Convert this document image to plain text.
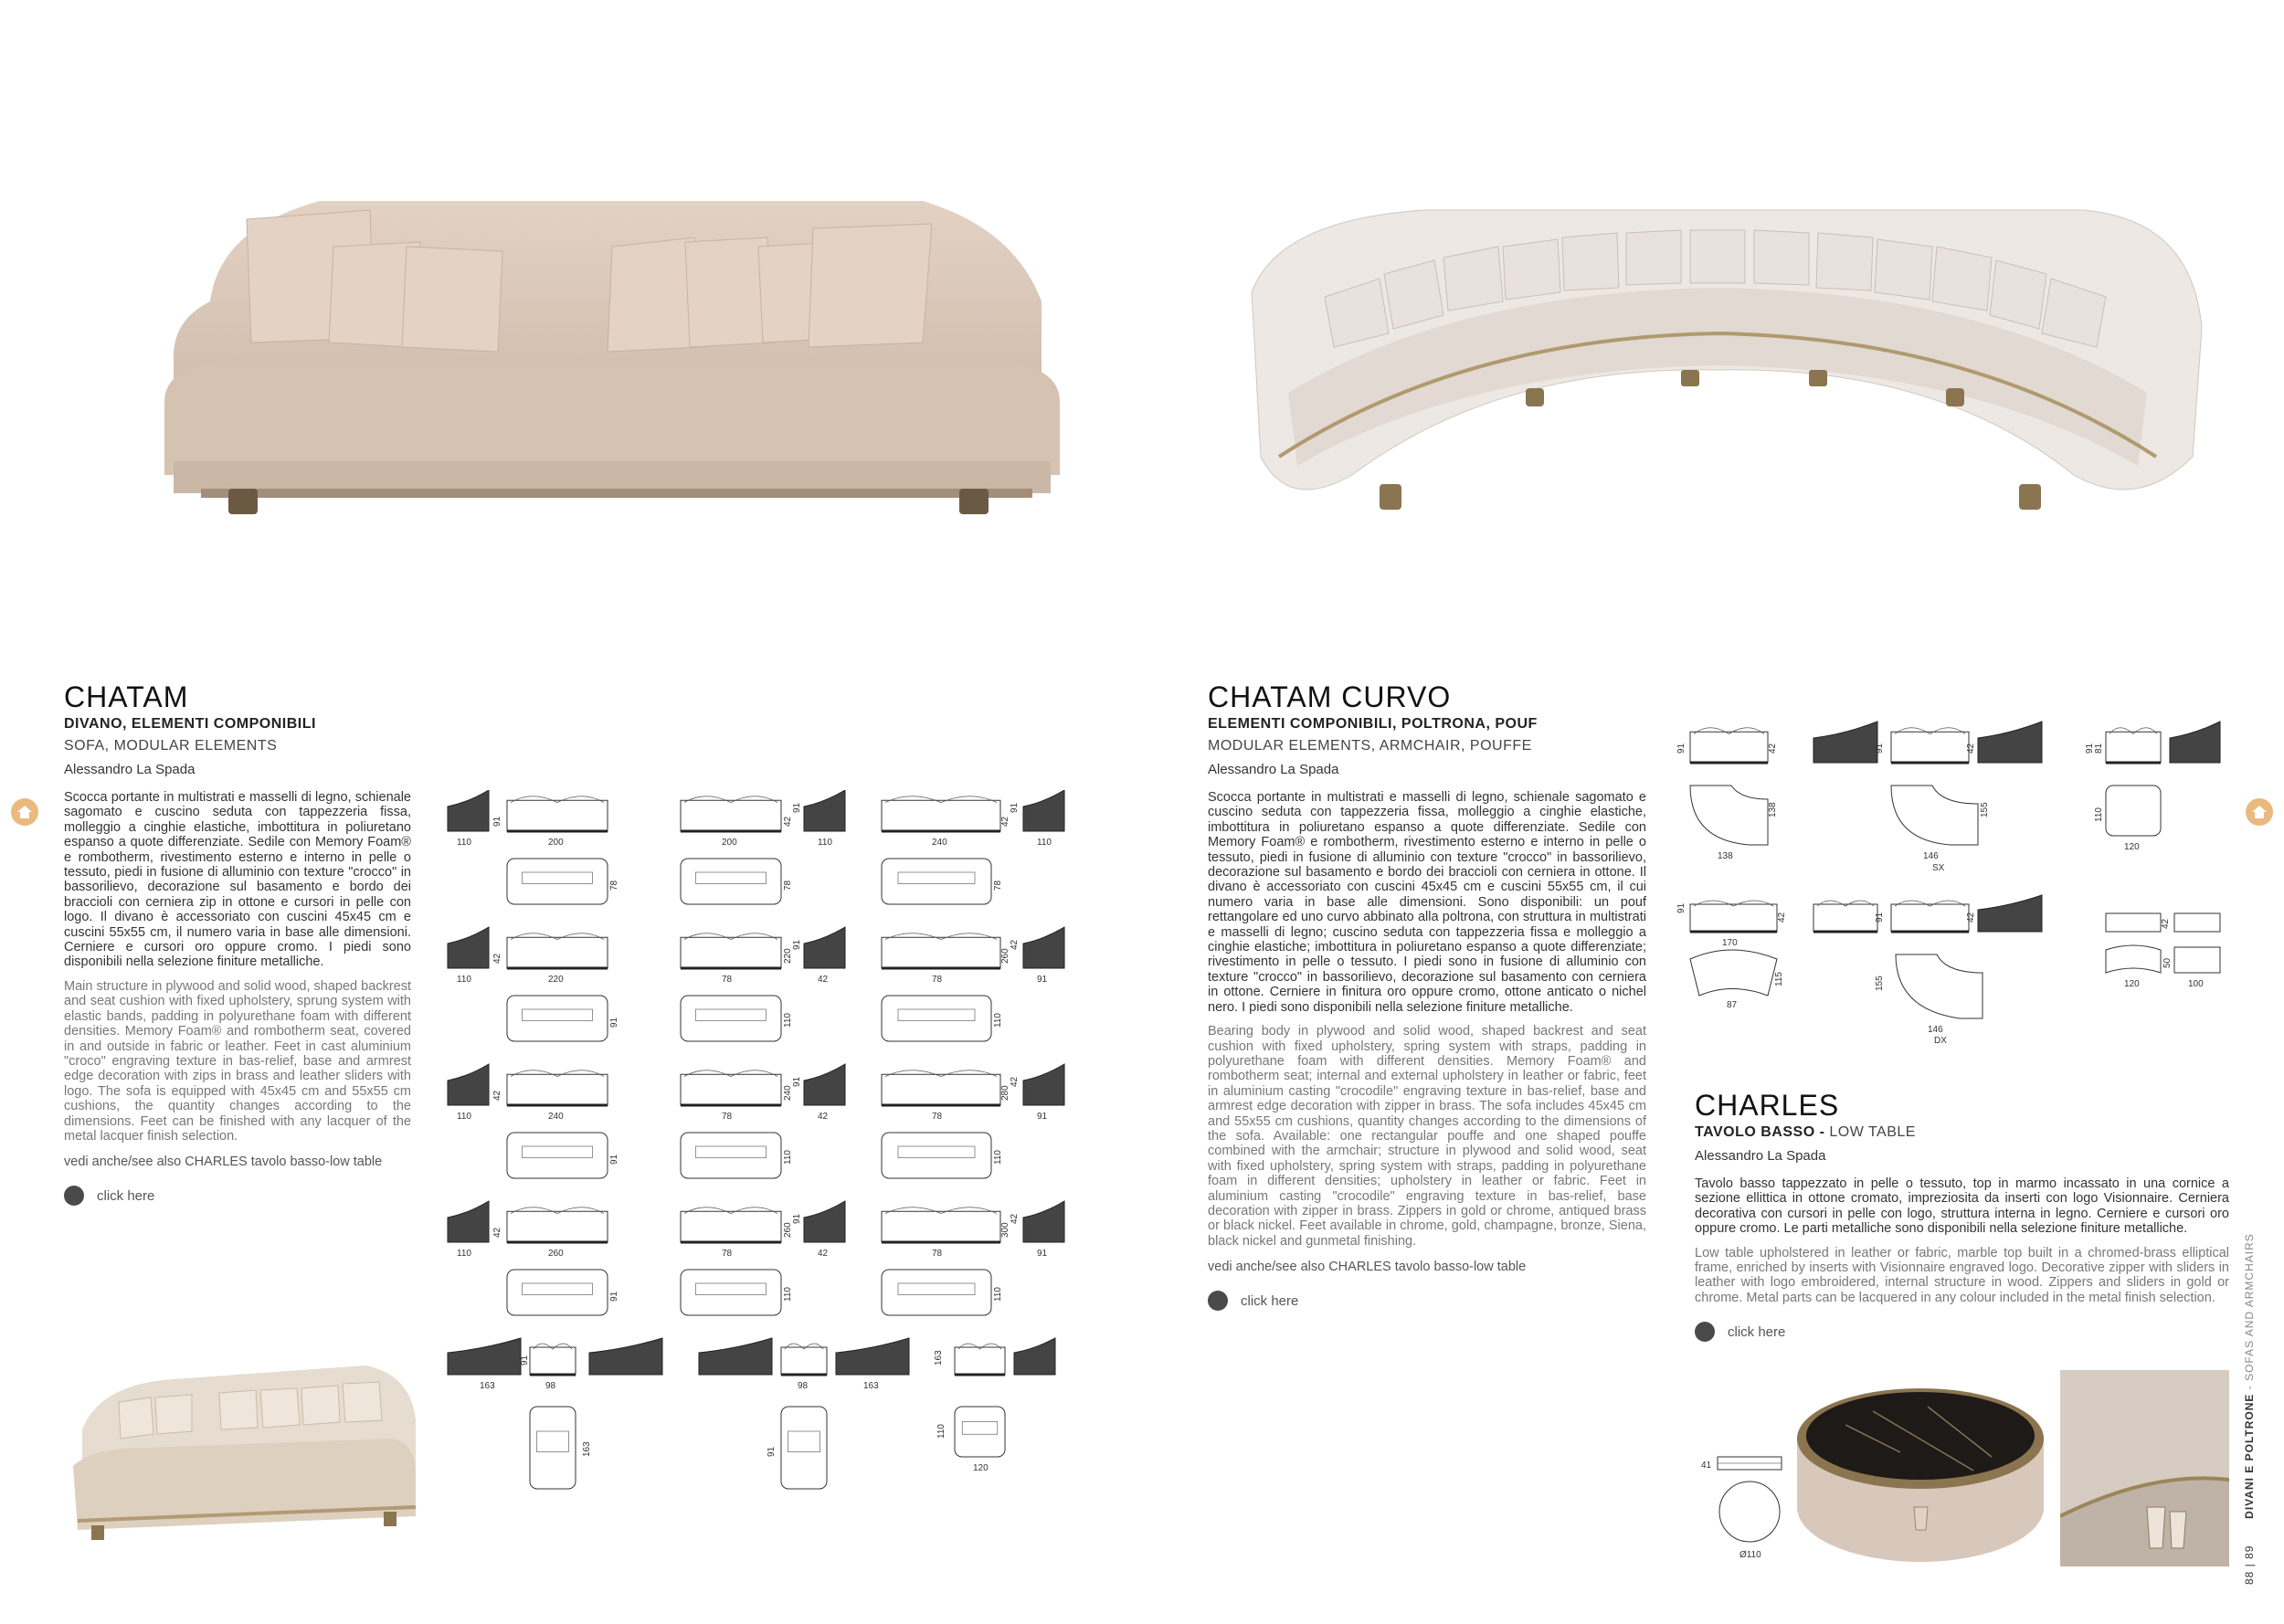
CHATAM
DIVANO, ELEMENTI COMPONIBILI
SOFA, MODULAR ELEMENTS
Alessandro La Spada

Scocca portante in multistrati e masselli di legno, schienale sagomato e cuscino seduta con tappezzeria fissa, molleggio a cinghie elastiche, imbottitura in poliuretano espanso a quote differenziate. Sedile con Memory Foam® e rombotherm, rivestimento esterno e interno in pelle o tessuto, piedi in fusione di alluminio con texture "crocco" in bassorilievo, decorazione sul basamento e bordo dei braccioli con cerniera zip in ottone e cursori in pelle con logo. Il divano è accessoriato con cuscini 45x45 cm e cuscini 55x55 cm, il numero varia in base alle dimensioni. Cerniere e cursori oro oppure cromo. I piedi sono disponibili nella selezione finiture metalliche.

Main structure in plywood and solid wood, shaped backrest and seat cushion with fixed upholstery, sprung system with elastic bands, padding in polyurethane foam with different densities. Memory Foam® and rombotherm seat, covered in and outside in fabric or leather. Feet in cast aluminium "croco" engraving texture in bas-relief, base and armrest edge decoration with zips in brass and leather sliders with logo. The sofa is equipped with 45x45 cm and 55x55 cm cushions, the quantity changes according to the dimensions. Feet can be finished with any lacquer of the metal lacquer finish selection.

vedi anche/see also CHARLES tavolo basso-low table
click here
110	200
91
78
200
42
91
110
78
240
42
91
110
78
110	220
42
91
78
220
91
42
110
78
260
42
91
110
110	240
42
91
78
240
91
42
110
78
280
42
91
110
110	260
42
91
78
260
91
42
110
78
300
42
91
110
163	98
91
163
98	163
91
163
110
120
CHATAM CURVO
ELEMENTI COMPONIBILI, POLTRONA, POUF
MODULAR ELEMENTS, ARMCHAIR, POUFFE
Alessandro La Spada

Scocca portante in multistrati e masselli di legno, schienale sagomato e cuscino seduta con tappezzeria fissa, molleggio a cinghie elastiche, imbottitura in poliuretano espanso a quote differenziate. Sedile con Memory Foam® e rombotherm, rivestimento esterno e interno in pelle o tessuto, piedi in fusione di alluminio con texture "crocco" in bassorilievo, decorazione sul basamento e bordo dei braccioli con cerniera in ottone. Il divano è accessoriato con cuscini 45x45 cm e cuscini 55x55 cm, il cui numero varia in base alle dimensioni. Sono disponibili: un pouf rettangolare ed uno curvo abbinato alla poltrona, con struttura in multistrati e masselli di legno; cuscino seduta con tappezzeria fissa e molleggio a cinghie elastiche; imbottitura in poliuretano espanso a quote differenziate; rivestimento in pelle o tessuto. I piedi sono in fusione di alluminio con texture "crocco" in bassorilievo, decorazione sul basamento con cerniera in ottone. Cerniere in finitura oro oppure cromo, ottone anticato o nichel nero. I piedi sono disponibili nella selezione finiture metalliche.

Bearing body in plywood and solid wood, shaped backrest and seat cushion with fixed upholstery, spring system with straps, padding in polyurethane foam with different densities. Memory Foam® and rombotherm seat; internal and external upholstery in leather or fabric, feet in aluminium casting "crocodile" engraving texture in bas-relief, base and armrest edge decoration with zipper in brass. The sofa includes 45x45 cm and 55x55 cm cushions, quantity changes according to the dimensions of the sofa. Available: one rectangular pouffe and one shaped pouffe combined with the armchair; structure in plywood and solid wood, seat with fixed upholstery, spring system with straps, padding in polyurethane foam in different densities; upholstery in leather or fabric. Feet in aluminium casting "crocodile" engraving texture in bas-relief, base decoration with zipper in brass. Zippers in gold or chrome, antiqued brass or black nickel. Feet available in chrome, gold, champagne, bronze, Siena, black nickel and gunmetal finishing.

vedi anche/see also CHARLES tavolo basso-low table
click here
91	42
138
138
91	42
146
155
SX
91 81
110
120
91
170
42
115
87
91	42
155
146
DX
42
120	100
50
CHARLES
TAVOLO BASSO - LOW TABLE
Alessandro La Spada

Tavolo basso tappezzato in pelle o tessuto, top in marmo incassato in una cornice a sezione ellittica in ottone cromato, impreziosita da inserti con logo Visionnaire. Cerniera decorativa con cursori in pelle con logo, struttura interna in legno. Cerniere e cursori oro oppure cromo. Le parti metalliche sono disponibili nella selezione finiture metalliche.

Low table upholstered in leather or fabric, marble top built in a chromed-brass elliptical frame, enriched by inserts with Visionnaire engraved logo. Decorative zipper with sliders in leather with logo embroidered, internal structure in wood. Zippers and sliders in gold or chrome. Metal parts can be lacquered in any colour included in the metal finish selection.

click here
41
Ø110	88 | 89  DIVANI E POLTRONE - SOFAS AND ARMCHAIRS
